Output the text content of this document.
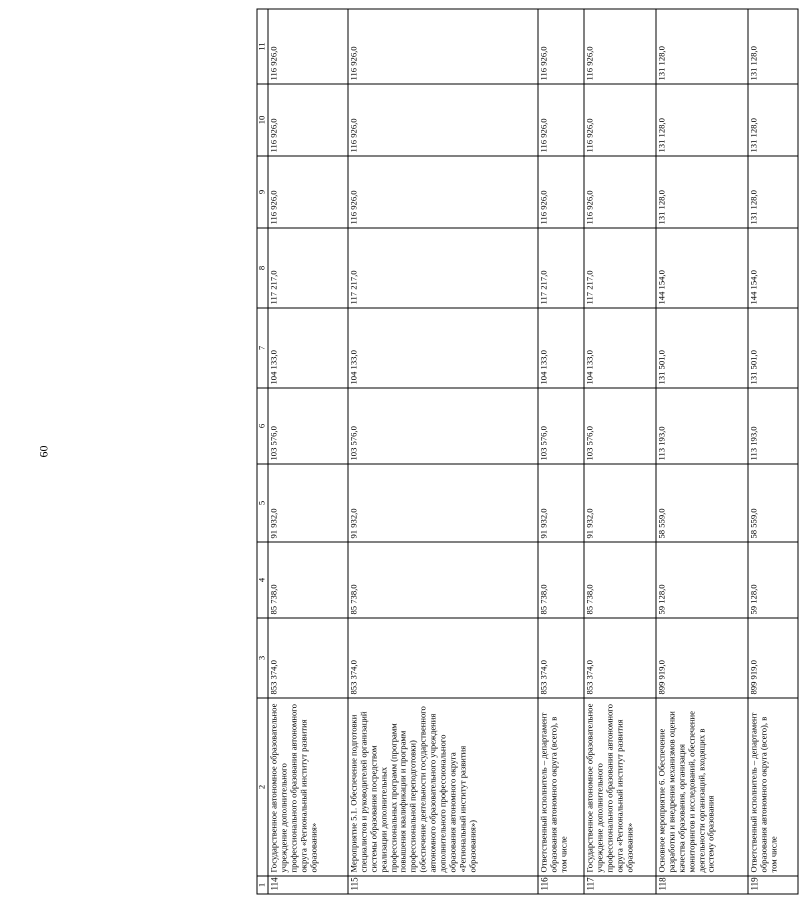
60
1	2	3	4	5	6	7	8	9	10	11
114	Государственное автономное образовательное учреждение дополнительного профессионального образования автономного округа «Региональный институт развития образования»	853 374,0	85 738,0	91 932,0	103 576,0	104 133,0	117 217,0	116 926,0	116 926,0	116 926,0
115	Мероприятие 5.1. Обеспечение подготовки специалистов и руководителей организаций системы образования посредством реализации дополнительных профессиональных программ (программ повышения квалификации и программ профессиональной переподготовки) (обеспечение деятельности государственного автономного образовательного учреждения дополнительного профессионального образования автономного округа «Региональный институт развития образования»)	853 374,0	85 738,0	91 932,0	103 576,0	104 133,0	117 217,0	116 926,0	116 926,0	116 926,0
116	Ответственный исполнитель – департамент образования автономного округа (всего), в том числе	853 374,0	85 738,0	91 932,0	103 576,0	104 133,0	117 217,0	116 926,0	116 926,0	116 926,0
117	Государственное автономное образовательное учреждение дополнительного профессионального образования автономного округа «Региональный институт развития образования»	853 374,0	85 738,0	91 932,0	103 576,0	104 133,0	117 217,0	116 926,0	116 926,0	116 926,0
118	Основное мероприятие 6. Обеспечение разработки и внедрения механизмов оценки качества образования, организация мониторингов и исследований, обеспечение деятельности организаций, входящих в систему образования	899 919,0	59 128,0	58 559,0	113 193,0	131 501,0	144 154,0	131 128,0	131 128,0	131 128,0
119	Ответственный исполнитель – департамент образования автономного округа (всего), в том числе	899 919,0	59 128,0	58 559,0	113 193,0	131 501,0	144 154,0	131 128,0	131 128,0	131 128,0
